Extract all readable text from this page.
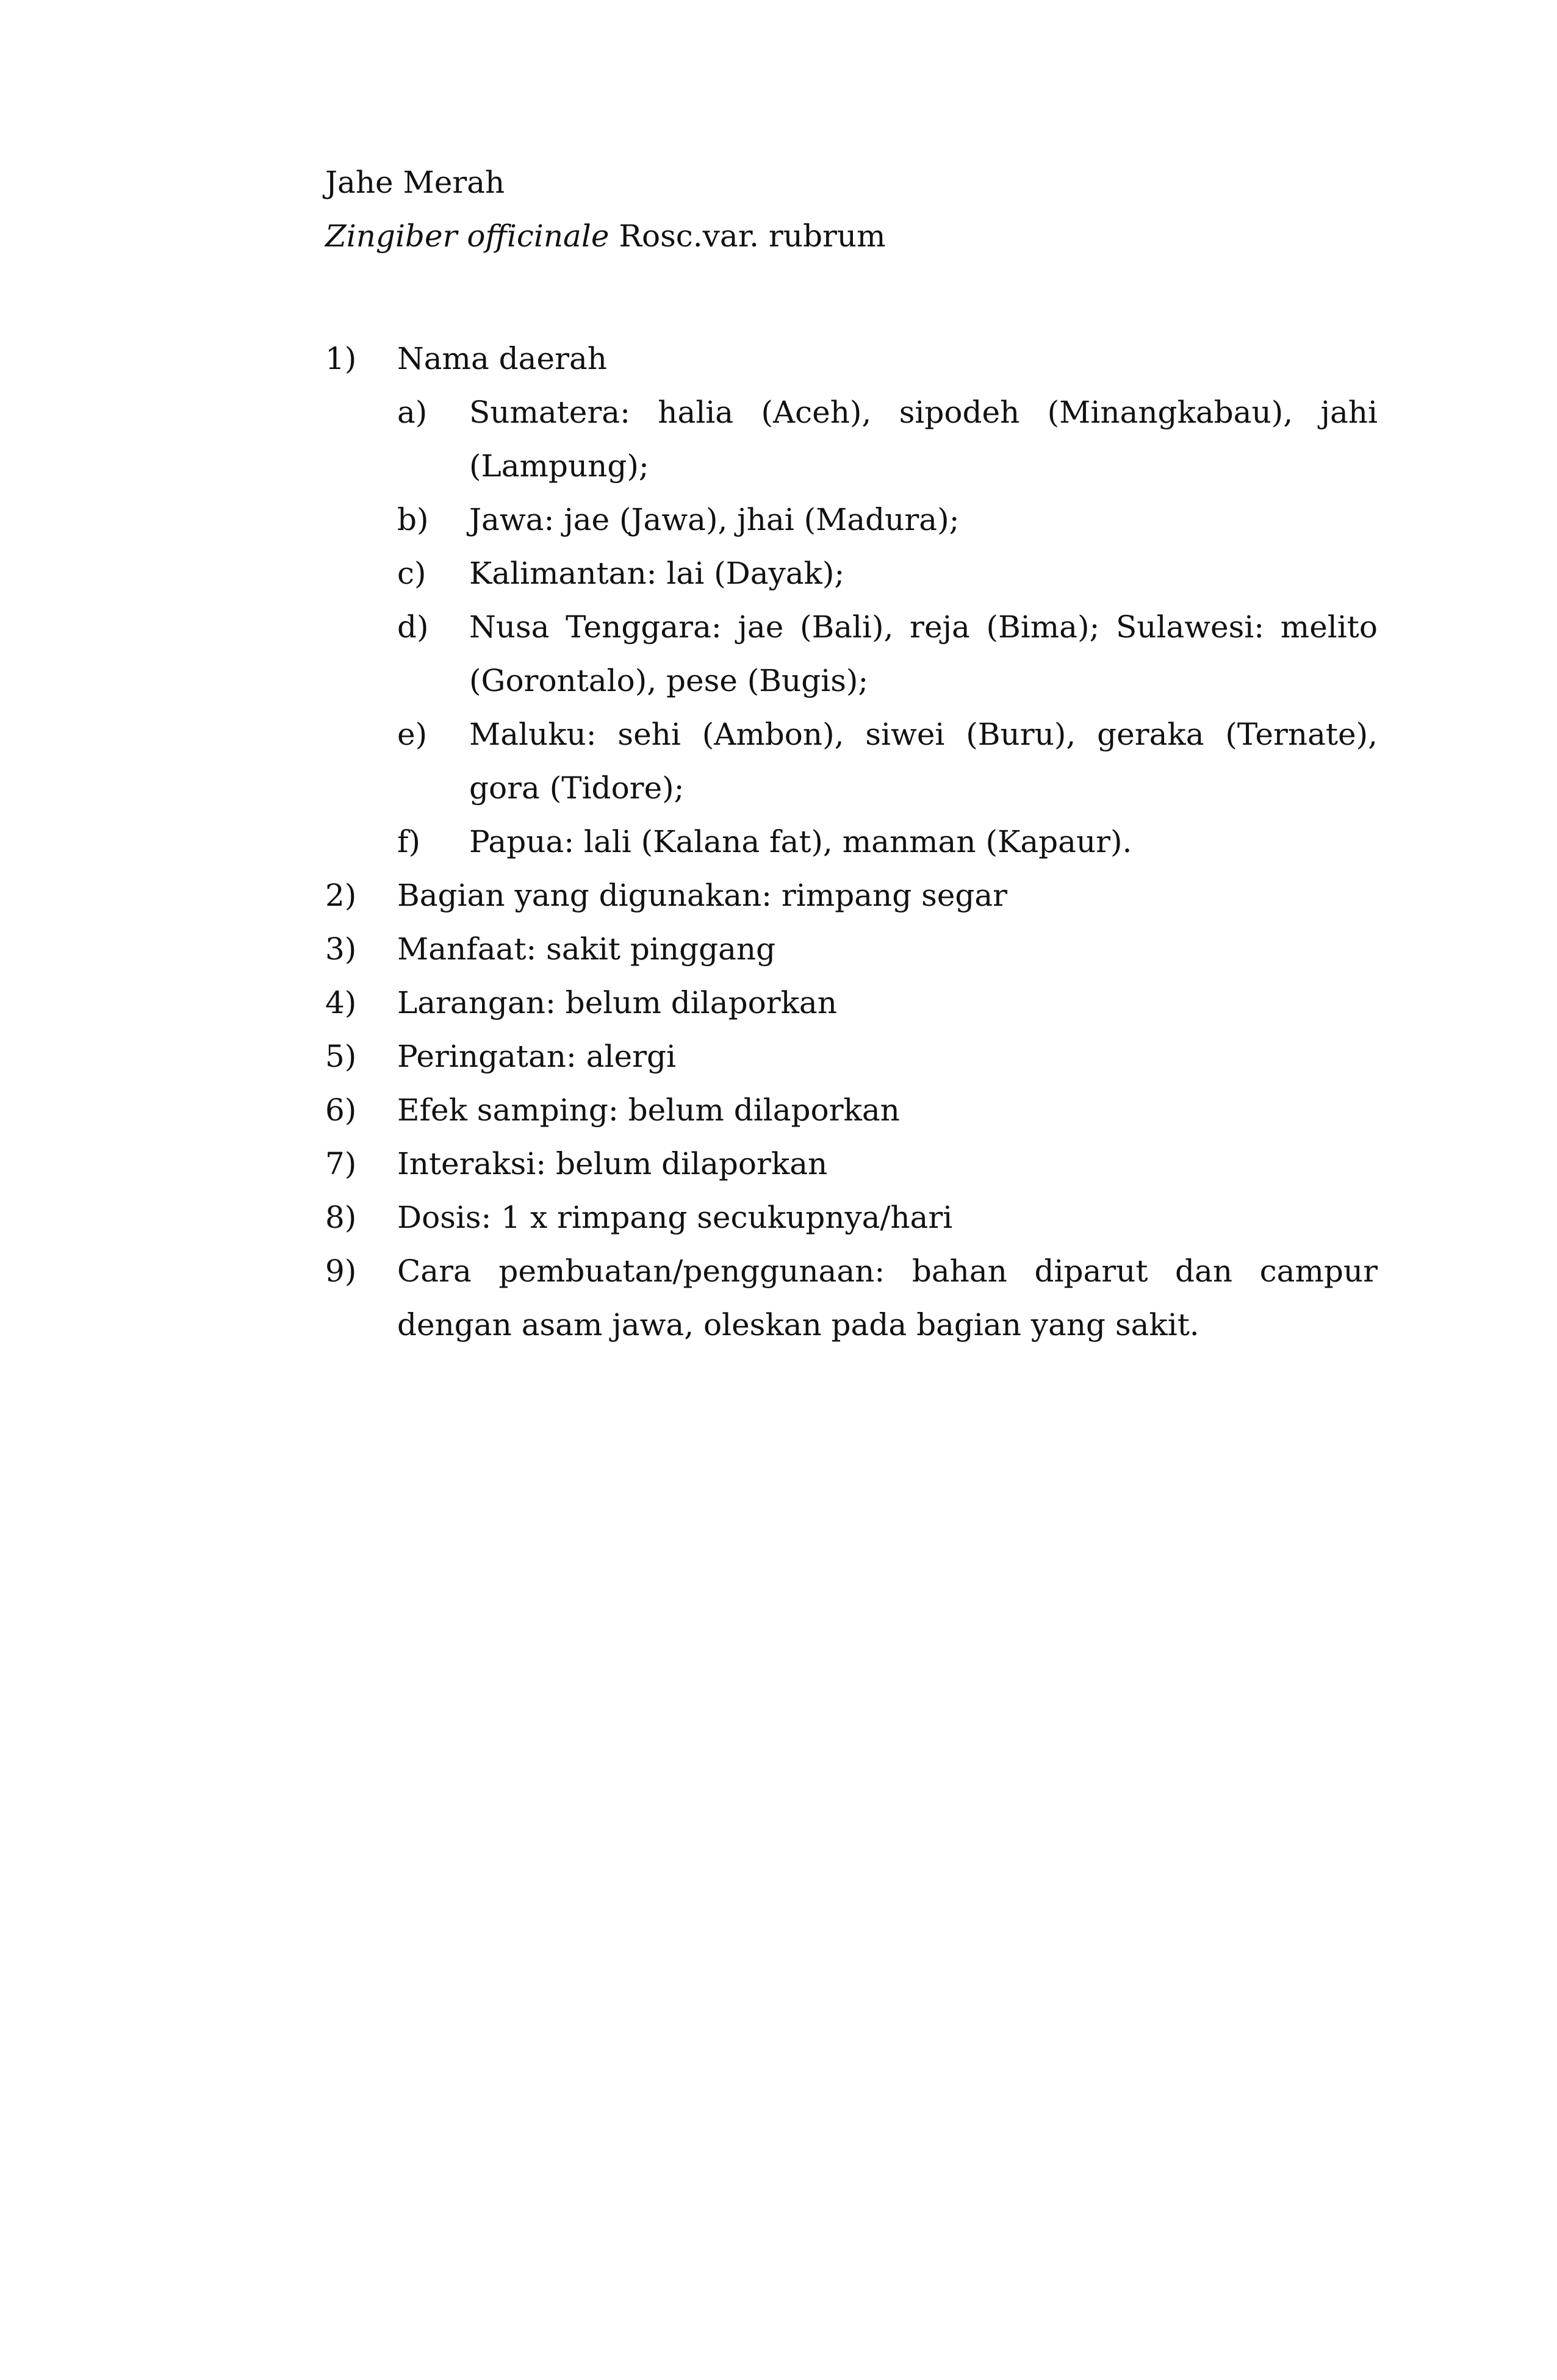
Jahe Merah

Zingiber officinale Rosc.var. rubrum

1)	Nama daerah
a)	Sumatera: halia (Aceh), sipodeh (Minangkabau), jahi (Lampung);
b)	Jawa: jae (Jawa), jhai (Madura);
c)	Kalimantan: lai (Dayak);
d)	Nusa Tenggara: jae (Bali), reja (Bima); Sulawesi: melito (Gorontalo), pese (Bugis);
e)	Maluku: sehi (Ambon), siwei (Buru), geraka (Ternate), gora (Tidore);
f)	Papua: lali (Kalana fat), manman (Kapaur).
2)	Bagian yang digunakan: rimpang segar
3)	Manfaat: sakit pinggang
4)	Larangan: belum dilaporkan
5)	Peringatan: alergi
6)	Efek samping: belum dilaporkan
7)	Interaksi: belum dilaporkan
8)	Dosis: 1 x rimpang secukupnya/hari
9)	Cara pembuatan/penggunaan: bahan diparut dan campur dengan asam jawa, oleskan pada bagian yang sakit.
